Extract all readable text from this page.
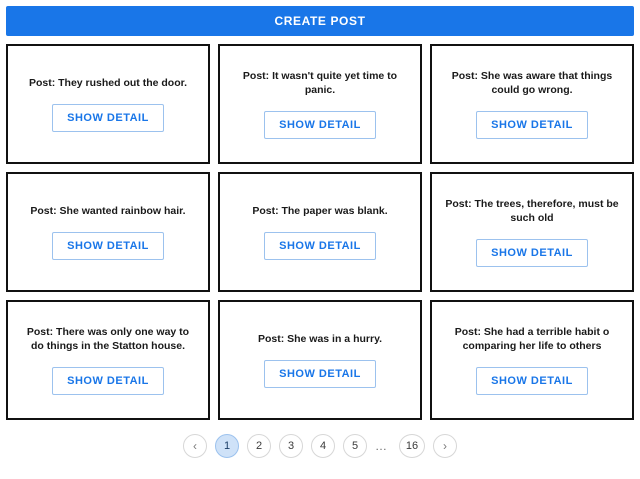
CREATE POST
Post: They rushed out the door.
SHOW DETAIL
Post: It wasn't quite yet time to panic.
SHOW DETAIL
Post: She was aware that things could go wrong.
SHOW DETAIL
Post: She wanted rainbow hair.
SHOW DETAIL
Post: The paper was blank.
SHOW DETAIL
Post: The trees, therefore, must be such old
SHOW DETAIL
Post: There was only one way to do things in the Statton house.
SHOW DETAIL
Post: She was in a hurry.
SHOW DETAIL
Post: She had a terrible habit o comparing her life to others
SHOW DETAIL
‹	1	2	3	4	5	…	16	›
